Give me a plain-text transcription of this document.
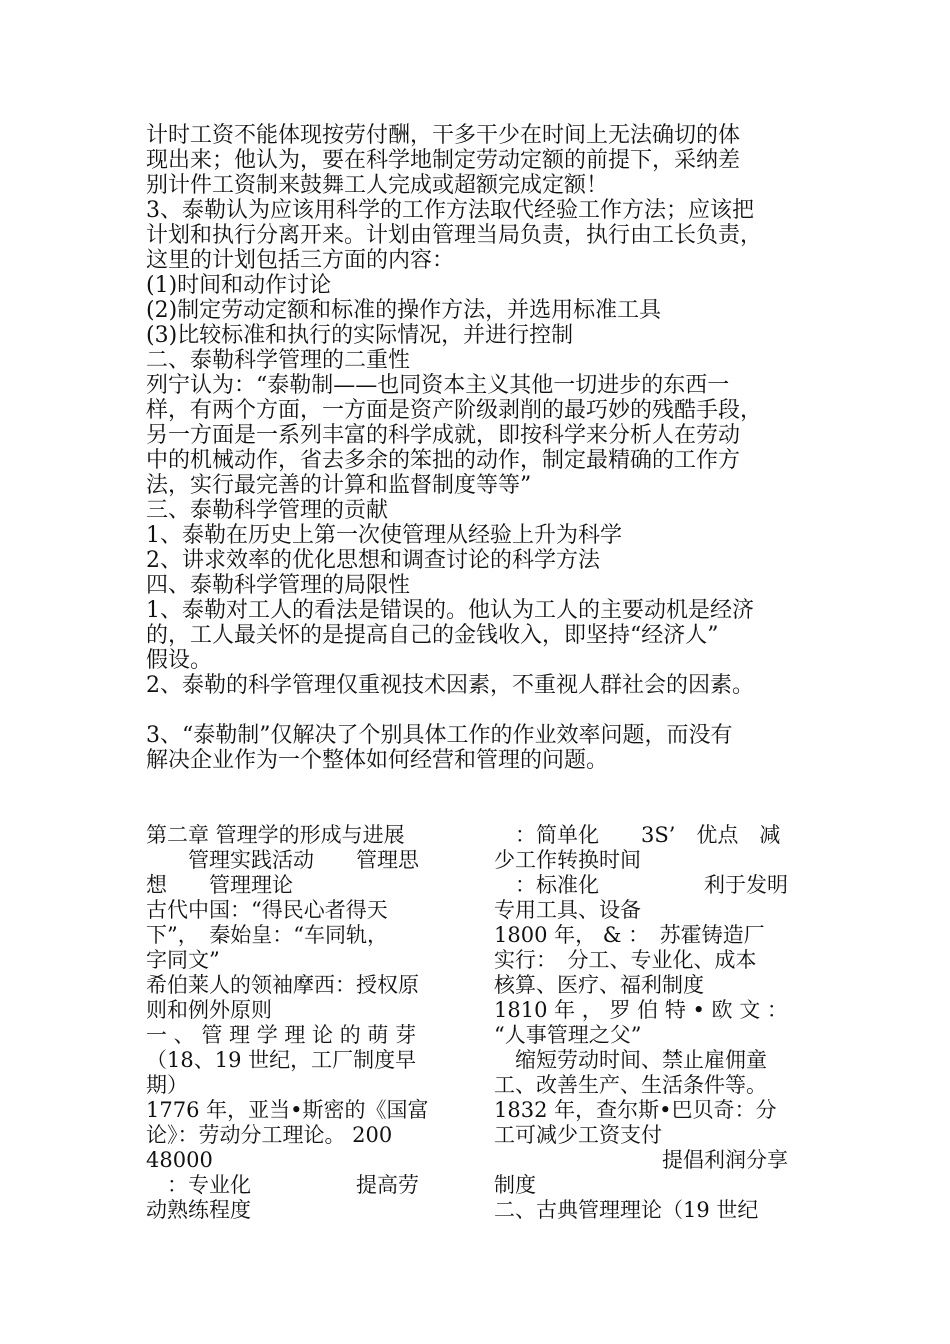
计时工资不能体现按劳付酬，干多干少在时间上无法确切的体
现出来；他认为，要在科学地制定劳动定额的前提下，采纳差
别计件工资制来鼓舞工人完成或超额完成定额！
3、泰勒认为应该用科学的工作方法取代经验工作方法；应该把
计划和执行分离开来。计划由管理当局负责，执行由工长负责，
这里的计划包括三方面的内容：
(1)时间和动作讨论
(2)制定劳动定额和标准的操作方法，并选用标准工具
(3)比较标准和执行的实际情况，并进行控制
二、泰勒科学管理的二重性
列宁认为：“泰勒制——也同资本主义其他一切进步的东西一
样，有两个方面，一方面是资产阶级剥削的最巧妙的残酷手段，
另一方面是一系列丰富的科学成就，即按科学来分析人在劳动
中的机械动作，省去多余的笨拙的动作，制定最精确的工作方
法，实行最完善的计算和监督制度等等”
三、泰勒科学管理的贡献
1、泰勒在历史上第一次使管理从经验上升为科学
2、讲求效率的优化思想和调查讨论的科学方法
四、泰勒科学管理的局限性
1、泰勒对工人的看法是错误的。他认为工人的主要动机是经济
的，工人最关怀的是提高自己的金钱收入，即坚持“经济人”
假设。
2、泰勒的科学管理仅重视技术因素，不重视人群社会的因素。
3、“泰勒制”仅解决了个别具体工作的作业效率问题，而没有
解决企业作为一个整体如何经营和管理的问题。
第二章 管理学的形成与进展
　　管理实践活动　　管理思
想　　管理理论
古代中国：“得民心者得天
下”，　秦始皇：“车同轨，
字同文”
希伯莱人的领袖摩西：授权原
则和例外原则
一 、 管 理 学 理 论 的 萌 芽
（18、19 世纪，工厂制度早
期）
1776 年，亚当•斯密的《国富
论》：劳动分工理论。 200
48000
　：专业化　　　　　提高劳
动熟练程度
　：简单化　　3S’　优点　减
少工作转换时间
　：标准化　　　　　利于发明
专用工具、设备
1800 年， & ：　苏霍铸造厂
实行：　分工、专业化、成本
核算、医疗、福利制度
1810 年 ， 罗 伯 特 • 欧 文 ：
“人事管理之父”
　缩短劳动时间、禁止雇佣童
工、改善生产、生活条件等。
1832 年，查尔斯•巴贝奇：分
工可减少工资支付
　　　　　　　　提倡利润分享
制度
二、古典管理理论（19 世纪
